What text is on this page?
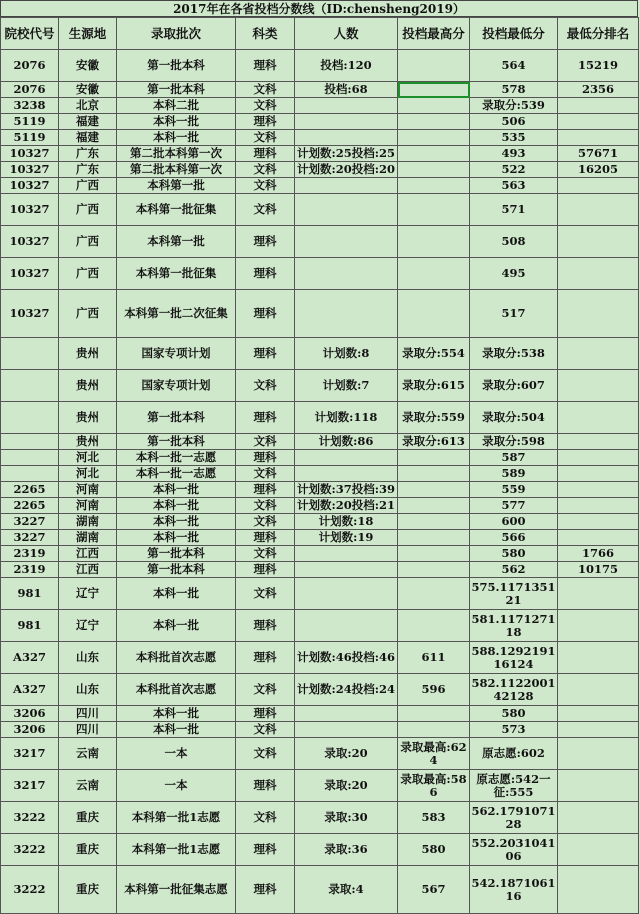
2017年在各省投档分数线（ID:chensheng2019）
院校代号	生源地	录取批次	科类	人数	投档最高分	投档最低分	最低分排名
2076	安徽	第一批本科	理科	投档:120		564	15219
2076	安徽	第一批本科	文科	投档:68		578	2356
3238	北京	本科二批	文科			录取分:539	
5119	福建	本科一批	理科			506	
5119	福建	本科一批	文科			535	
10327	广东	第二批本科第一次	理科	计划数:25投档:25		493	57671
10327	广东	第二批本科第一次	文科	计划数:20投档:20		522	16205
10327	广西	本科第一批	文科			563	
10327	广西	本科第一批征集	文科			571	
10327	广西	本科第一批	理科			508	
10327	广西	本科第一批征集	理科			495	
10327	广西	本科第一批二次征集	理科			517	
	贵州	国家专项计划	理科	计划数:8	录取分:554	录取分:538	
	贵州	国家专项计划	文科	计划数:7	录取分:615	录取分:607	
	贵州	第一批本科	理科	计划数:118	录取分:559	录取分:504	
	贵州	第一批本科	文科	计划数:86	录取分:613	录取分:598	
	河北	本科一批一志愿	理科			587	
	河北	本科一批一志愿	文科			589	
2265	河南	本科一批	理科	计划数:37投档:39		559	
2265	河南	本科一批	文科	计划数:20投档:21		577	
3227	湖南	本科一批	文科	计划数:18		600	
3227	湖南	本科一批	理科	计划数:19		566	
2319	江西	第一批本科	文科			580	1766
2319	江西	第一批本科	理科			562	10175
981	辽宁	本科一批	文科			575.117135121	
981	辽宁	本科一批	理科			581.117127118	
A327	山东	本科批首次志愿	理科	计划数:46投档:46	611	588.129219116124	
A327	山东	本科批首次志愿	文科	计划数:24投档:24	596	582.112200142128	
3206	四川	本科一批	理科			580	
3206	四川	本科一批	文科			573	
3217	云南	一本	文科	录取:20	录取最高:624	原志愿:602	
3217	云南	一本	理科	录取:20	录取最高:586	原志愿:542一征:555	
3222	重庆	本科第一批1志愿	文科	录取:30	583	562.179107128	
3222	重庆	本科第一批1志愿	理科	录取:36	580	552.203104106	
3222	重庆	本科第一批征集志愿	理科	录取:4	567	542.187106116	
